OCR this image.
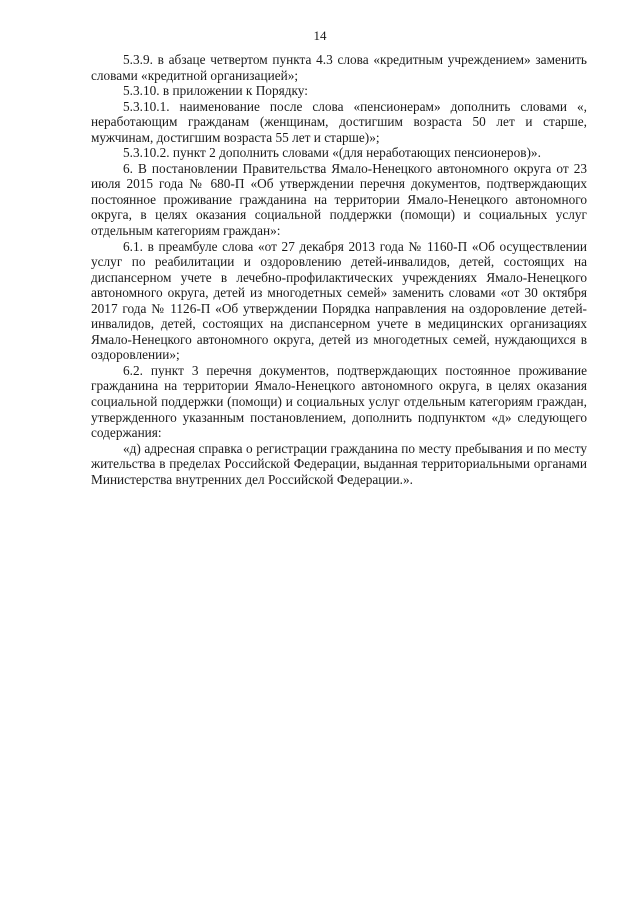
14

5.3.9. в абзаце четвертом пункта 4.3 слова «кредитным учреждением» заменить словами «кредитной организацией»;

5.3.10. в приложении к Порядку:

5.3.10.1. наименование после слова «пенсионерам» дополнить словами «, неработающим гражданам (женщинам, достигшим возраста 50 лет и старше, мужчинам, достигшим возраста 55 лет и старше)»;

5.3.10.2. пункт 2 дополнить словами «(для неработающих пенсионеров)».

6. В постановлении Правительства Ямало-Ненецкого автономного округа от 23 июля 2015 года № 680-П «Об утверждении перечня документов, подтверждающих постоянное проживание гражданина на территории Ямало-Ненецкого автономного округа, в целях оказания социальной поддержки (помощи) и социальных услуг отдельным категориям граждан»:

6.1. в преамбуле слова «от 27 декабря 2013 года № 1160-П «Об осуществлении услуг по реабилитации и оздоровлению детей-инвалидов, детей, состоящих на диспансерном учете в лечебно-профилактических учреждениях Ямало-Ненецкого автономного округа, детей из многодетных семей» заменить словами «от 30 октября 2017 года № 1126-П «Об утверждении Порядка направления на оздоровление детей-инвалидов, детей, состоящих на диспансерном учете в медицинских организациях Ямало-Ненецкого автономного округа, детей из многодетных семей, нуждающихся в оздоровлении»;

6.2. пункт 3 перечня документов, подтверждающих постоянное проживание гражданина на территории Ямало-Ненецкого автономного округа, в целях оказания социальной поддержки (помощи) и социальных услуг отдельным категориям граждан, утвержденного указанным постановлением, дополнить подпунктом «д» следующего содержания:

«д) адресная справка о регистрации гражданина по месту пребывания и по месту жительства в пределах Российской Федерации, выданная территориальными органами Министерства внутренних дел Российской Федерации.».
